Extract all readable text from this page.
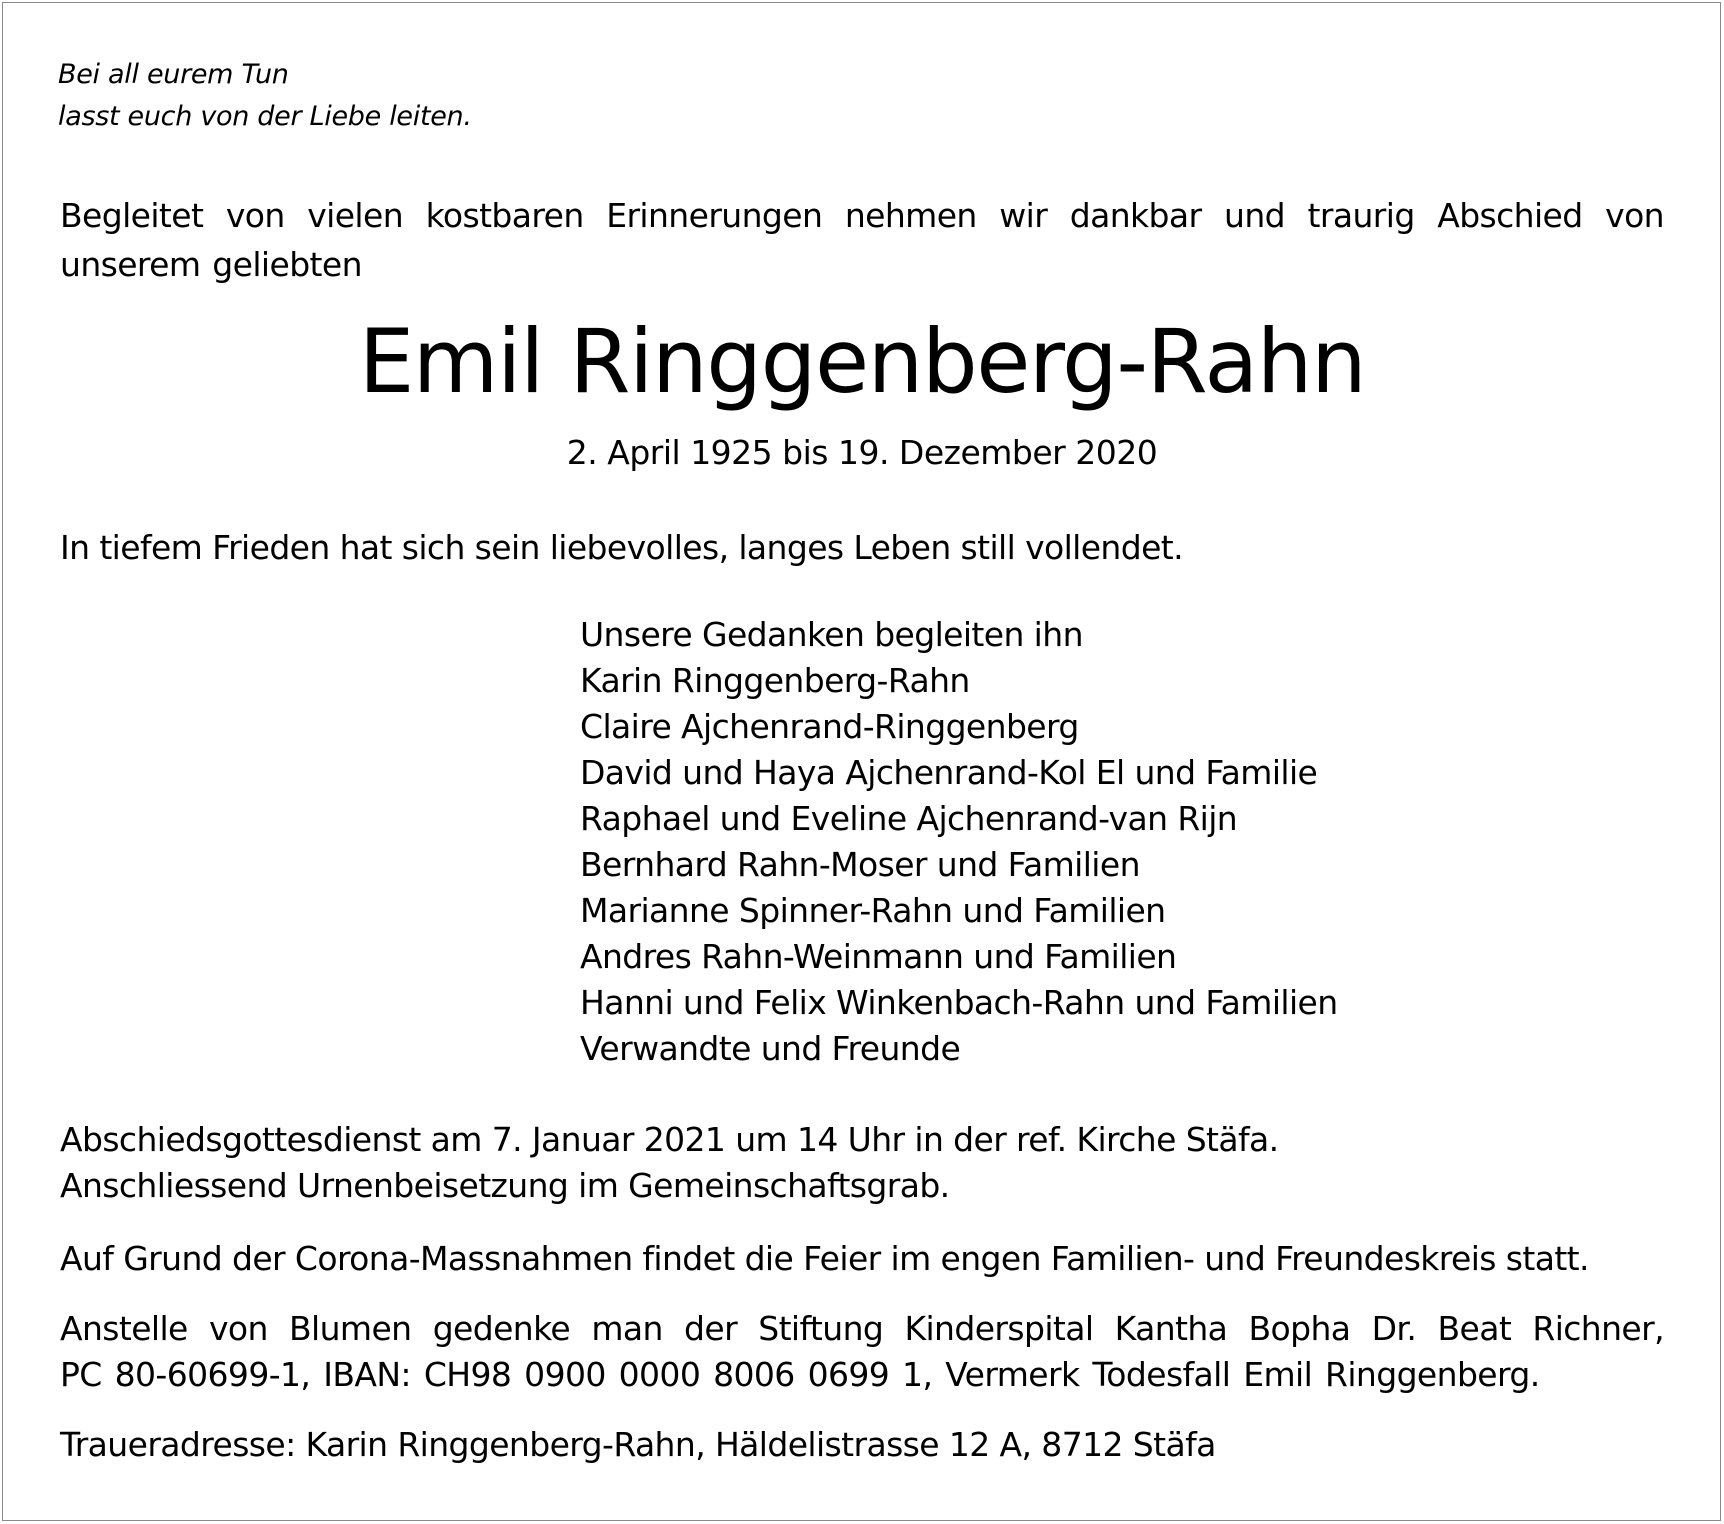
Bei all eurem Tun
lasst euch von der Liebe leiten.
Begleitet von vielen kostbaren Erinnerungen nehmen wir dankbar und traurig Abschied von unserem geliebten
Emil Ringgenberg-Rahn
2. April 1925 bis 19. Dezember 2020
In tiefem Frieden hat sich sein liebevolles, langes Leben still vollendet.
Unsere Gedanken begleiten ihn
Karin Ringgenberg-Rahn
Claire Ajchenrand-Ringgenberg
David und Haya Ajchenrand-Kol El und Familie
Raphael und Eveline Ajchenrand-van Rijn
Bernhard Rahn-Moser und Familien
Marianne Spinner-Rahn und Familien
Andres Rahn-Weinmann und Familien
Hanni und Felix Winkenbach-Rahn und Familien
Verwandte und Freunde
Abschiedsgottesdienst am 7. Januar 2021 um 14 Uhr in der ref. Kirche Stäfa.
Anschliessend Urnenbeisetzung im Gemeinschaftsgrab.
Auf Grund der Corona-Massnahmen findet die Feier im engen Familien- und Freundeskreis statt.
Anstelle von Blumen gedenke man der Stiftung Kinderspital Kantha Bopha Dr. Beat Richner,
PC 80-60699-1, IBAN: CH98 0900 0000 8006 0699 1, Vermerk Todesfall Emil Ringgenberg.
Traueradresse: Karin Ringgenberg-Rahn, Häldelistrasse 12 A, 8712 Stäfa
